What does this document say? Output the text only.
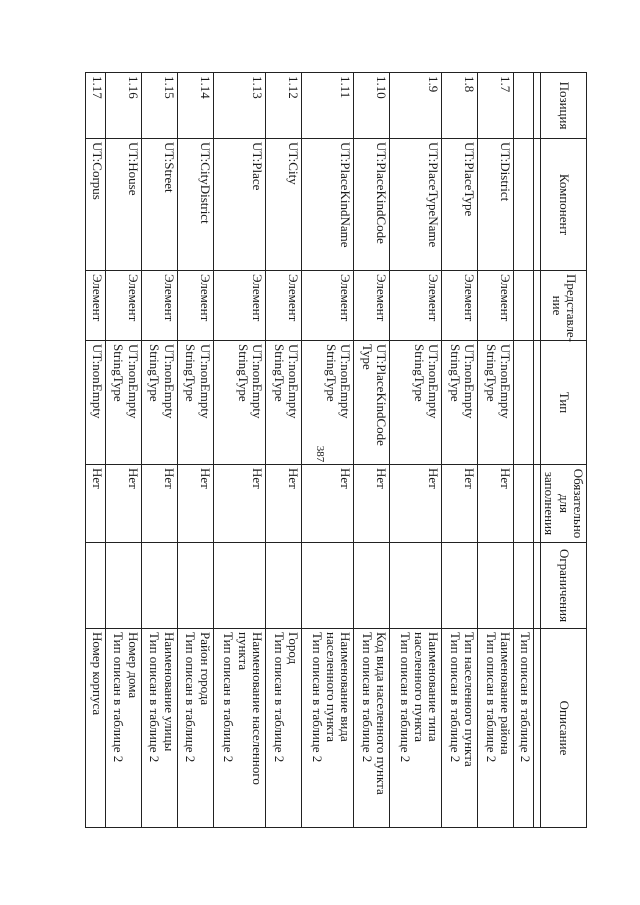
387
Позиция	Компонент	Представле-
ние	Тип	Обязательно
для
заполнения	Ограничения	Описание

						Тип описан в таблице 2
1.7	UT:District	Элемент	UT:nonEmpty
StringType	Нет		Наименование района
Тип описан в таблице 2
1.8	UT:PlaceType	Элемент	UT:nonEmpty
StringType	Нет		Тип населенного пункта
Тип описан в таблице 2
1.9	UT:PlaceTypeName	Элемент	UT:nonEmpty
StringType	Нет		Наименование типа
населенного пункта
Тип описан в таблице 2
1.10	UT:PlaceKindCode	Элемент	UT:PlaceKindCode
Type	Нет		Код вида населенного пункта
Тип описан в таблице 2
1.11	UT:PlaceKindName	Элемент	UT:nonEmpty
StringType	Нет		Наименование вида
населенного пункта
Тип описан в таблице 2
1.12	UT:City	Элемент	UT:nonEmpty
StringType	Нет		Город
Тип описан в таблице 2
1.13	UT:Place	Элемент	UT:nonEmpty
StringType	Нет		Наименование населенного
пункта
Тип описан в таблице 2
1.14	UT:CityDistrict	Элемент	UT:nonEmpty
StringType	Нет		Район города
Тип описан в таблице 2
1.15	UT:Street	Элемент	UT:nonEmpty
StringType	Нет		Наименование улицы
Тип описан в таблице 2
1.16	UT:House	Элемент	UT:nonEmpty
StringType	Нет		Номер дома
Тип описан в таблице 2
1.17	UT:Corpus	Элемент	UT:nonEmpty	Нет		Номер корпуса
